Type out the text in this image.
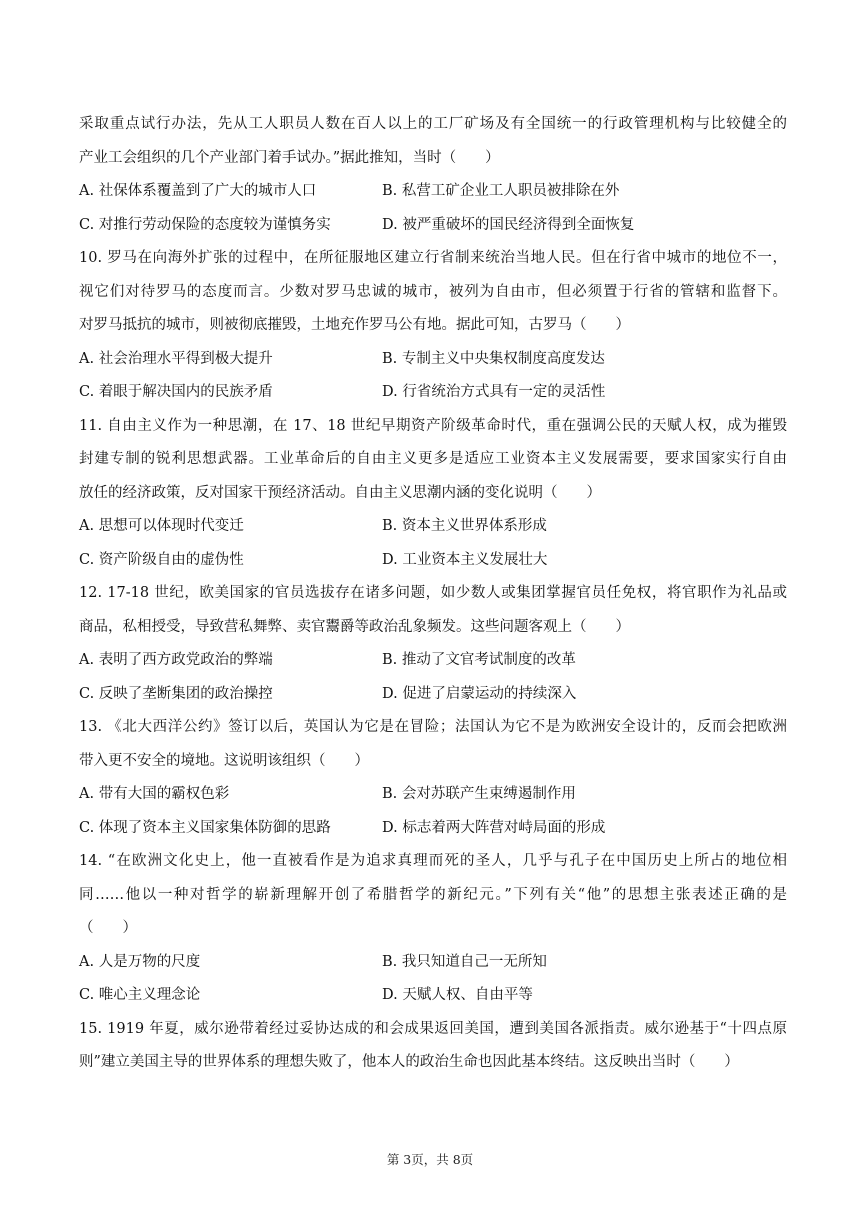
采取重点试行办法，先从工人职员人数在百人以上的工厂矿场及有全国统一的行政管理机构与比较健全的
产业工会组织的几个产业部门着手试办。”据此推知，当时（　　）
A. 社保体系覆盖到了广大的城市人口	B. 私营工矿企业工人职员被排除在外
C. 对推行劳动保险的态度较为谨慎务实	D. 被严重破坏的国民经济得到全面恢复
10. 罗马在向海外扩张的过程中，在所征服地区建立行省制来统治当地人民。但在行省中城市的地位不一，
视它们对待罗马的态度而言。少数对罗马忠诚的城市，被列为自由市，但必须置于行省的管辖和监督下。
对罗马抵抗的城市，则被彻底摧毁，土地充作罗马公有地。据此可知，古罗马（　　）
A. 社会治理水平得到极大提升	B. 专制主义中央集权制度高度发达
C. 着眼于解决国内的民族矛盾	D. 行省统治方式具有一定的灵活性
11. 自由主义作为一种思潮，在 17、18 世纪早期资产阶级革命时代，重在强调公民的天赋人权，成为摧毁
封建专制的锐利思想武器。工业革命后的自由主义更多是适应工业资本主义发展需要，要求国家实行自由
放任的经济政策，反对国家干预经济活动。自由主义思潮内涵的变化说明（　　）
A. 思想可以体现时代变迁	B. 资本主义世界体系形成
C. 资产阶级自由的虚伪性	D. 工业资本主义发展壮大
12. 17-18 世纪，欧美国家的官员选拔存在诸多问题，如少数人或集团掌握官员任免权，将官职作为礼品或
商品，私相授受，导致营私舞弊、卖官鬻爵等政治乱象频发。这些问题客观上（　　）
A. 表明了西方政党政治的弊端	B. 推动了文官考试制度的改革
C. 反映了垄断集团的政治操控	D. 促进了启蒙运动的持续深入
13. 《北大西洋公约》签订以后，英国认为它是在冒险；法国认为它不是为欧洲安全设计的，反而会把欧洲
带入更不安全的境地。这说明该组织（　　）
A. 带有大国的霸权色彩	B. 会对苏联产生束缚遏制作用
C. 体现了资本主义国家集体防御的思路	D. 标志着两大阵营对峙局面的形成
14. “在欧洲文化史上，他一直被看作是为追求真理而死的圣人，几乎与孔子在中国历史上所占的地位相
同……他以一种对哲学的崭新理解开创了希腊哲学的新纪元。”下列有关“他”的思想主张表述正确的是
（　　）
A. 人是万物的尺度	B. 我只知道自己一无所知
C. 唯心主义理念论	D. 天赋人权、自由平等
15. 1919 年夏，威尔逊带着经过妥协达成的和会成果返回美国，遭到美国各派指责。威尔逊基于“十四点原
则”建立美国主导的世界体系的理想失败了，他本人的政治生命也因此基本终结。这反映出当时（　　）
第 3页，共 8页
